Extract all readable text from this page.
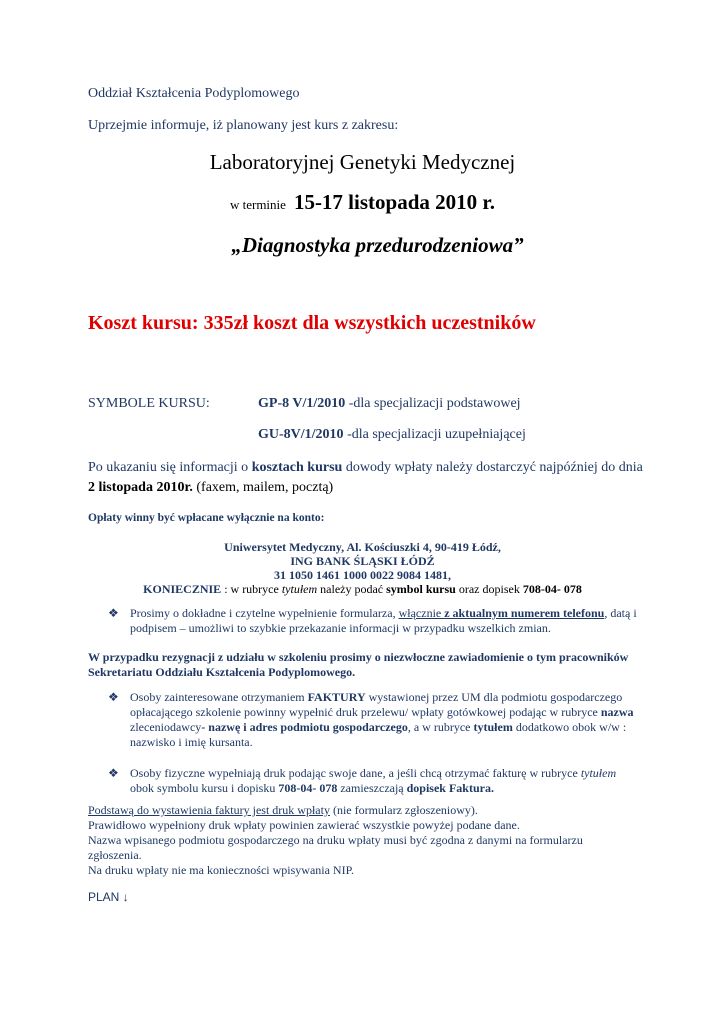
Oddział Kształcenia Podyplomowego
Uprzejmie informuje, iż planowany jest kurs z zakresu:
Laboratoryjnej Genetyki Medycznej
w terminie 15-17 listopada 2010 r.
„Diagnostyka przedurodzeniowa”
Koszt kursu: 335zł koszt dla wszystkich uczestników
SYMBOLE KURSU:	GP-8 V/1/2010 -dla specjalizacji podstawowej
GU-8V/1/2010 -dla specjalizacji uzupełniającej
Po ukazaniu się informacji o kosztach kursu dowody wpłaty należy dostarczyć najpóźniej do dnia 2 listopada 2010r. (faxem, mailem, pocztą)
Opłaty winny być wpłacane wyłącznie na konto:
Uniwersytet Medyczny, Al. Kościuszki 4, 90-419 Łódź,
ING BANK ŚLĄSKI ŁÓDŹ
31 1050 1461 1000 0022 9084 1481,
KONIECZNIE : w rubryce tytułem należy podać symbol kursu oraz dopisek 708-04- 078
❖ Prosimy o dokładne i czytelne wypełnienie formularza, włącznie z aktualnym numerem telefonu, datą i podpisem – umożliwi to szybkie przekazanie informacji w przypadku wszelkich zmian.
W przypadku rezygnacji z udziału w szkoleniu prosimy o niezwłoczne zawiadomienie o tym pracowników Sekretariatu Oddziału Kształcenia Podyplomowego.
❖ Osoby zainteresowane otrzymaniem FAKTURY wystawionej przez UM dla podmiotu gospodarczego opłacającego szkolenie powinny wypełnić druk przelewu/ wpłaty gotówkowej podając w rubryce nazwa zleceniodawcy- nazwę i adres podmiotu gospodarczego, a w rubryce tytułem dodatkowo obok w/w : nazwisko i imię kursanta.
❖ Osoby fizyczne wypełniają druk podając swoje dane, a jeśli chcą otrzymać fakturę w rubryce tytułem obok symbolu kursu i dopisku 708-04- 078 zamieszczają dopisek Faktura.
Podstawą do wystawienia faktury jest druk wpłaty (nie formularz zgłoszeniowy).
Prawidłowo wypełniony druk wpłaty powinien zawierać wszystkie powyżej podane dane.
Nazwa wpisanego podmiotu gospodarczego na druku wpłaty musi być zgodna z danymi na formularzu zgłoszenia.
Na druku wpłaty nie ma konieczności wpisywania NIP.
PLAN ↓
